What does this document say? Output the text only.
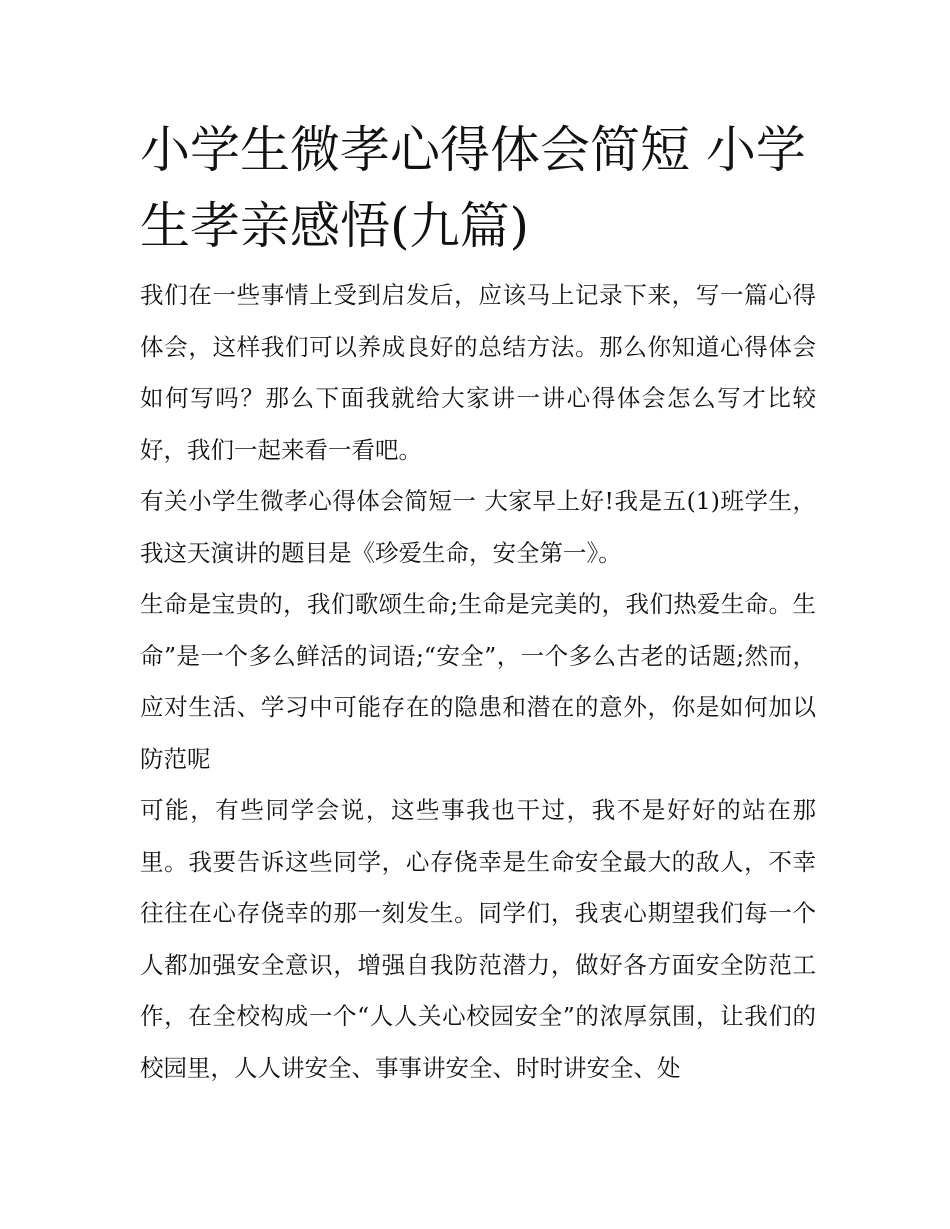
小学生微孝心得体会简短 小学生孝亲感悟(九篇)

我们在一些事情上受到启发后，应该马上记录下来，写一篇心得体会，这样我们可以养成良好的总结方法。那么你知道心得体会如何写吗？那么下面我就给大家讲一讲心得体会怎么写才比较好，我们一起来看一看吧。

有关小学生微孝心得体会简短一 大家早上好!我是五(1)班学生，我这天演讲的题目是《珍爱生命，安全第一》。

生命是宝贵的，我们歌颂生命;生命是完美的，我们热爱生命。生命”是一个多么鲜活的词语;“安全”，一个多么古老的话题;然而，应对生活、学习中可能存在的隐患和潜在的意外，你是如何加以防范呢

可能，有些同学会说，这些事我也干过，我不是好好的站在那里。我要告诉这些同学，心存侥幸是生命安全最大的敌人，不幸往往在心存侥幸的那一刻发生。同学们，我衷心期望我们每一个人都加强安全意识，增强自我防范潜力，做好各方面安全防范工作，在全校构成一个“人人关心校园安全”的浓厚氛围，让我们的校园里，人人讲安全、事事讲安全、时时讲安全、处
